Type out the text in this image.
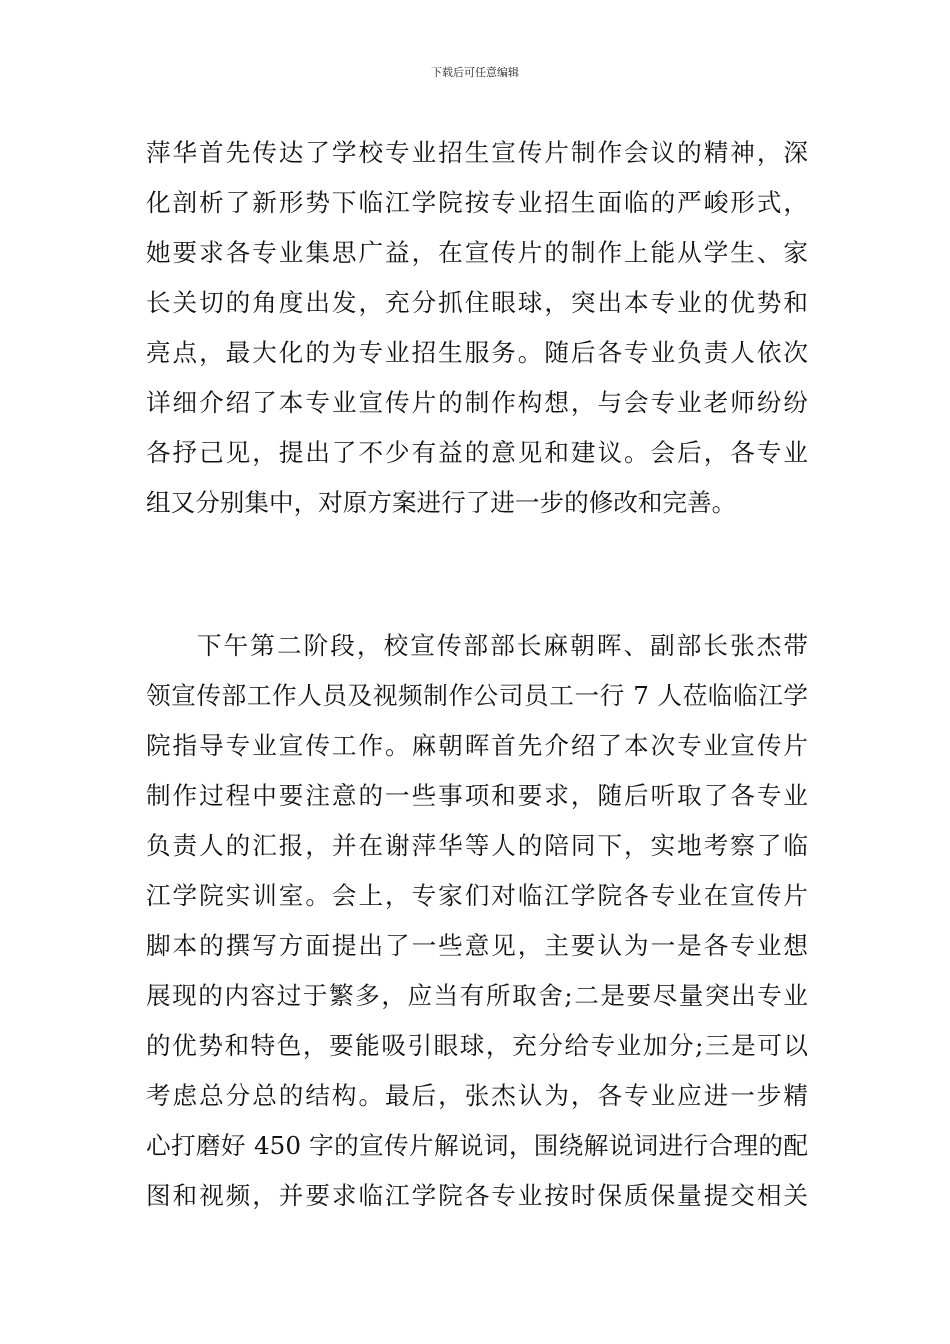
下载后可任意编辑
萍华首先传达了学校专业招生宣传片制作会议的精神，深
化剖析了新形势下临江学院按专业招生面临的严峻形式，
她要求各专业集思广益，在宣传片的制作上能从学生、家
长关切的角度出发，充分抓住眼球，突出本专业的优势和
亮点，最大化的为专业招生服务。随后各专业负责人依次
详细介绍了本专业宣传片的制作构想，与会专业老师纷纷
各抒己见，提出了不少有益的意见和建议。会后，各专业
组又分别集中，对原方案进行了进一步的修改和完善。
下午第二阶段，校宣传部部长麻朝晖、副部长张杰带
领宣传部工作人员及视频制作公司员工一行 7 人莅临临江学
院指导专业宣传工作。麻朝晖首先介绍了本次专业宣传片
制作过程中要注意的一些事项和要求，随后听取了各专业
负责人的汇报，并在谢萍华等人的陪同下，实地考察了临
江学院实训室。会上，专家们对临江学院各专业在宣传片
脚本的撰写方面提出了一些意见，主要认为一是各专业想
展现的内容过于繁多，应当有所取舍;二是要尽量突出专业
的优势和特色，要能吸引眼球，充分给专业加分;三是可以
考虑总分总的结构。最后，张杰认为，各专业应进一步精
心打磨好 450 字的宣传片解说词，围绕解说词进行合理的配
图和视频，并要求临江学院各专业按时保质保量提交相关
